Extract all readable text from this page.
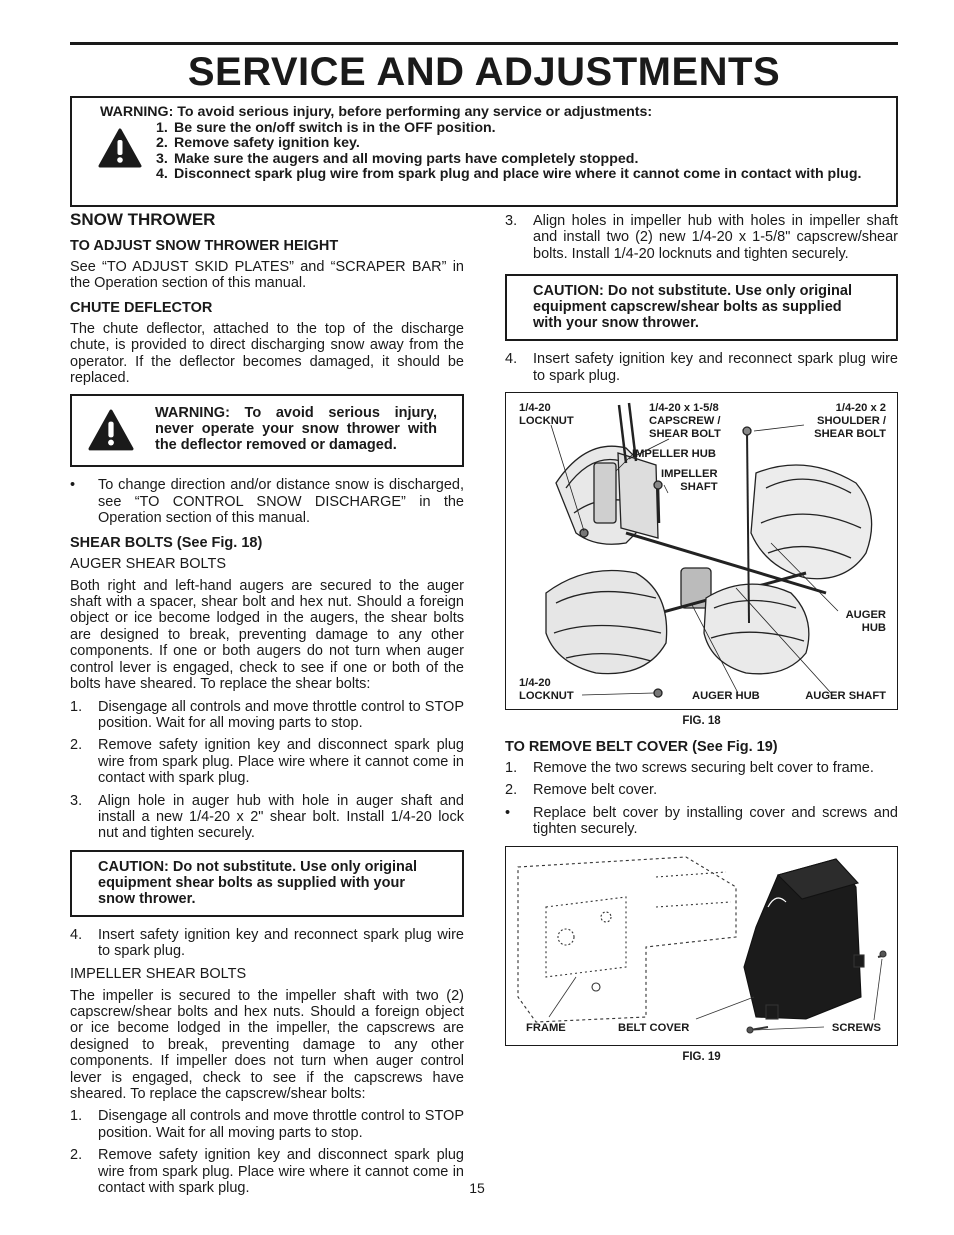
SERVICE AND ADJUSTMENTS
WARNING: To avoid serious injury, before performing any service or adjustments:
1. Be sure the on/off switch is in the OFF position.
2. Remove safety ignition key.
3. Make sure the augers and all moving parts have completely stopped.
4. Disconnect spark plug wire from spark plug and place wire where it cannot come in contact with plug.
SNOW THROWER
TO ADJUST SNOW THROWER HEIGHT

See “TO ADJUST SKID PLATES” and “SCRAPER BAR” in the Operation section of this manual.

CHUTE DEFLECTOR

The chute deflector, attached to the top of the discharge chute, is provided to direct discharging snow away from the operator. If the deflector becomes damaged, it should be replaced.

WARNING: To avoid serious injury, never operate your snow thrower with the deflector removed or damaged.
• To change direction and/or distance snow is discharged, see “TO CONTROL SNOW DISCHARGE” in the Operation section of this manual.
SHEAR BOLTS (See Fig. 18)
AUGER SHEAR BOLTS

Both right and left-hand augers are secured to the auger shaft with a spacer, shear bolt and hex nut. Should a foreign object or ice become lodged in the augers, the shear bolts are designed to break, preventing damage to any other components. If one or both augers do not turn when auger control lever is engaged, check to see if one or both of the bolts have sheared. To replace the shear bolts:

1. Disengage all controls and move throttle control to STOP position. Wait for all moving parts to stop.
2. Remove safety ignition key and disconnect spark plug wire from spark plug. Place wire where it cannot come in contact with spark plug.
3. Align hole in auger hub with hole in auger shaft and install a new 1/4-20 x 2" shear bolt. Install 1/4-20 lock nut and tighten securely.
CAUTION: Do not substitute. Use only original equipment shear bolts as supplied with your snow thrower.
4. Insert safety ignition key and reconnect spark plug wire to spark plug.
IMPELLER SHEAR BOLTS

The impeller is secured to the impeller shaft with two (2) capscrew/shear bolts and hex nuts. Should a foreign object or ice become lodged in the impeller, the capscrews are designed to break, preventing damage to any other components. If impeller does not turn when auger control lever is engaged, check to see if the capscrews have sheared. To replace the capscrew/shear bolts:

1. Disengage all controls and move throttle control to STOP position. Wait for all moving parts to stop.
2. Remove safety ignition key and disconnect spark plug wire from spark plug. Place wire where it cannot come in contact with spark plug.
3. Align holes in impeller hub with holes in impeller shaft and install two (2) new 1/4-20 x 1-5/8" capscrew/shear bolts. Install 1/4-20 locknuts and tighten securely.
CAUTION: Do not substitute. Use only original equipment capscrew/shear bolts as supplied with your snow thrower.
4. Insert safety ignition key and reconnect spark plug wire to spark plug.
1/4-20
LOCKNUT
1/4-20 x 1-5/8
CAPSCREW /
SHEAR BOLT
1/4-20 x 2
SHOULDER /
SHEAR BOLT
IMPELLER HUB
IMPELLER
SHAFT
AUGER
HUB
1/4-20
LOCKNUT	AUGER HUB	AUGER SHAFT
FIG. 18
TO REMOVE BELT COVER (See Fig. 19)
1. Remove the two screws securing belt cover to frame.
2. Remove belt cover.
• Replace belt cover by installing cover and screws and tighten securely.
FRAME	BELT COVER	SCREWS
FIG. 19
15
